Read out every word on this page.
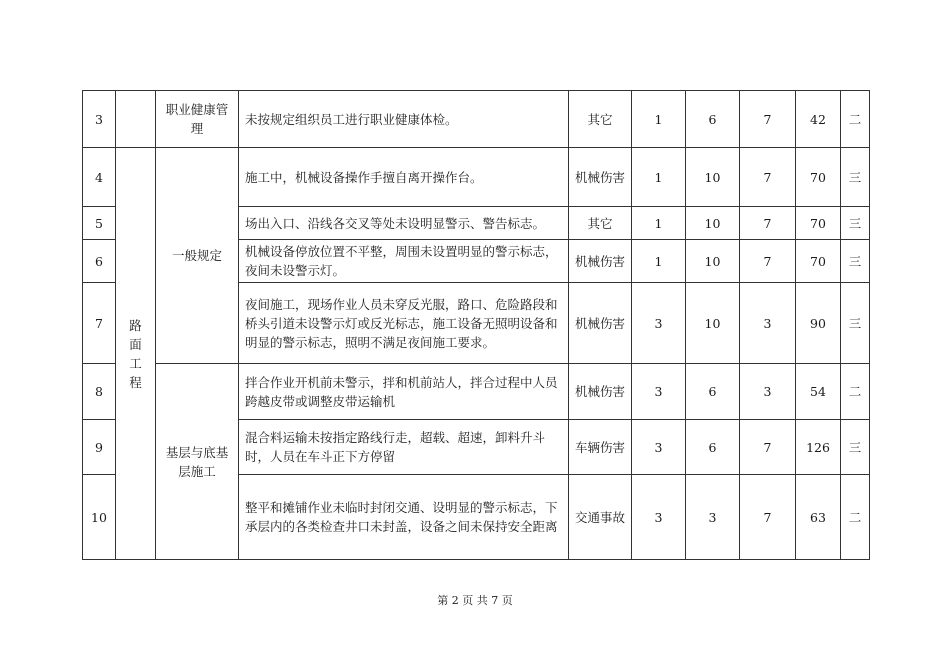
3		职业健康管理	未按规定组织员工进行职业健康体检。	其它	1	6	7	42	二
4	路面工程	一般规定	施工中，机械设备操作手擅自离开操作台。	机械伤害	1	10	7	70	三
5			场出入口、沿线各交叉等处未设明显警示、警告标志。	其它	1	10	7	70	三
6			机械设备停放位置不平整，周围未设置明显的警示标志，夜间未设警示灯。	机械伤害	1	10	7	70	三
7			夜间施工，现场作业人员未穿反光服，路口、危险路段和桥头引道未设警示灯或反光标志，施工设备无照明设备和明显的警示标志，照明不满足夜间施工要求。	机械伤害	3	10	3	90	三
8		基层与底基层施工	拌合作业开机前未警示，拌和机前站人，拌合过程中人员跨越皮带或调整皮带运输机	机械伤害	3	6	3	54	二
9			混合料运输未按指定路线行走，超载、超速，卸料升斗时，人员在车斗正下方停留	车辆伤害	3	6	7	126	三
10			整平和摊铺作业未临时封闭交通、设明显的警示标志，下承层内的各类检查井口未封盖，设备之间未保持安全距离	交通事故	3	3	7	63	二
第 2 页 共 7 页
